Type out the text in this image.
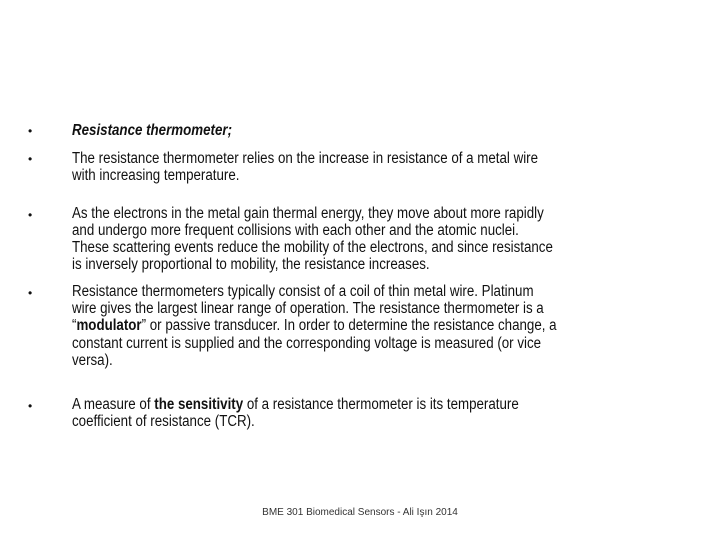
•	Resistance thermometer;
•	The resistance thermometer relies on the increase in resistance of a metal wire
with increasing temperature.
•	As the electrons in the metal gain thermal energy, they move about more rapidly
and undergo more frequent collisions with each other and the atomic nuclei.
These scattering events reduce the mobility of the electrons, and since resistance
is inversely proportional to mobility, the resistance increases.
•	Resistance thermometers typically consist of a coil of thin metal wire. Platinum
wire gives the largest linear range of operation. The resistance thermometer is a
“modulator” or passive transducer. In order to determine the resistance change, a
constant current is supplied and the corresponding voltage is measured (or vice
versa).
•	A measure of the sensitivity of a resistance thermometer is its temperature
coefficient of resistance (TCR).
BME 301 Biomedical Sensors - Ali Işın 2014
